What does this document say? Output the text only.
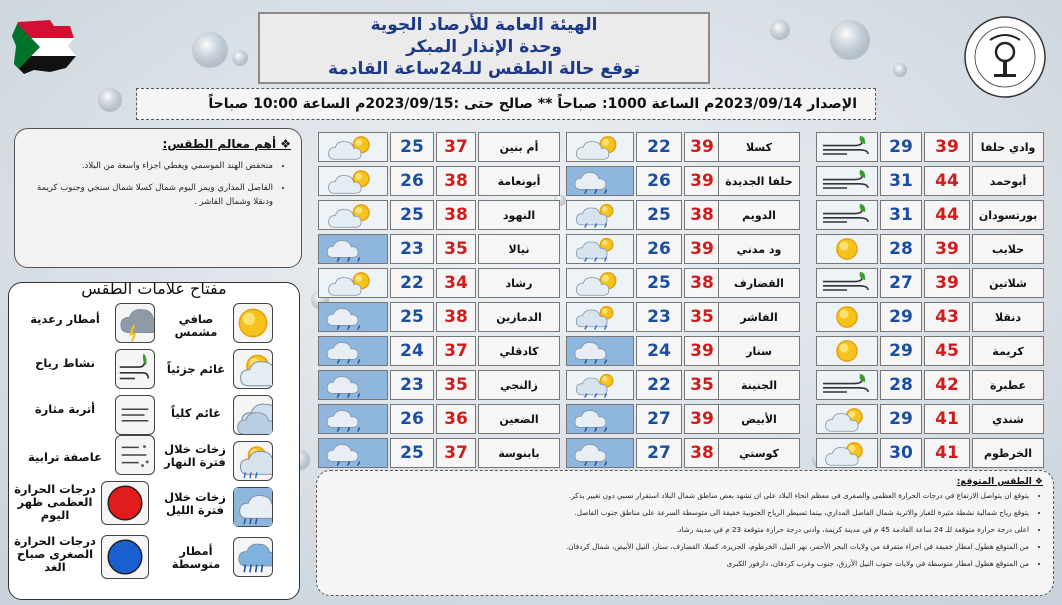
الهيئة العامة للأرصاد الجوية
وحدة الإنذار المبكر
توقع حالة الطقس للـ24ساعة القادمة
الإصدار 2023/09/14م الساعة 1000: صباحاً ** صالح حتى :2023/09/15م الساعة 10:00 صباحاً
❖ أهم معالم الطقس:
• منخفض الهند الموسمي ويغطي اجزاء واسعة من البلاد.
• الفاصل المداري ويمر اليوم شمال كسلا شمال سنجي وجنوب كريمة ودنقلا وشمال الفاشر .
مفتاح علامات الطقس
صافي مشمس
أمطار رعدية
غائم جزئياً
نشاط رياح
غائم كلياً
أتربة مثارة
زخات خلال فترة النهار
عاصفة ترابية
زخات خلال فترة الليل
درجات الحرارة العظمى ظهر اليوم
أمطار متوسطة
درجات الحرارة الصغرى صباح الغد
29	39	وادي حلفا
31	44	أبوحمد
31	44	بورتسودان
28	39	حلايب
27	39	شلاتين
29	43	دنقلا
29	45	كريمة
28	42	عطبرة
29	41	شندي
30	41	الخرطوم
22	39	كسلا
26	39	حلفا الجديدة
25	38	الدويم
26	39	ود مدني
25	38	القضارف
23	35	الفاشر
24	39	سنار
22	35	الجنينة
27	39	الأبيض
27	38	كوستي
25	37	أم بنين
26	38	أبونعامة
25	38	النهود
23	35	نيالا
22	34	رشاد
25	38	الدمازين
24	37	كادقلي
23	35	زالنجي
26	36	الضعين
25	37	بابنوسة
❖ الطقس المتوقع:
• يتوقع ان يتواصل الارتفاع في درجات الحرارة العظمى والصغرى في معظم انحاء البلاد على ان تشهد بعض مناطق شمال البلاد استقرار نسبي دون تغيير يذكر.
• يتوقع رياح شمالية نشطة مثيرة للغبار والاتربة شمال الفاصل المداري، بينما تسيطر الرياح الجنوبية خفيفة الى متوسطة السرعة على مناطق جنوب الفاصل.
• اعلى درجة حرارة متوقعة للـ 24 ساعة القادمة 45 م في مدينة كريمة، وادني درجة حرارة متوقعة 23 م في مدينة رشاد.
• من المتوقع هطول امطار خفيفة في اجزاء متفرقة من ولايات البحر الأحمر، نهر النيل، الخرطوم، الجزيرة، كسلا، القضارف، سنار، النيل الأبيض، شمال كردفان.
• من المتوقع هطول امطار متوسطة في ولايات جنوب النيل الأزرق، جنوب وغرب كردفان، دارفور الكبرى
